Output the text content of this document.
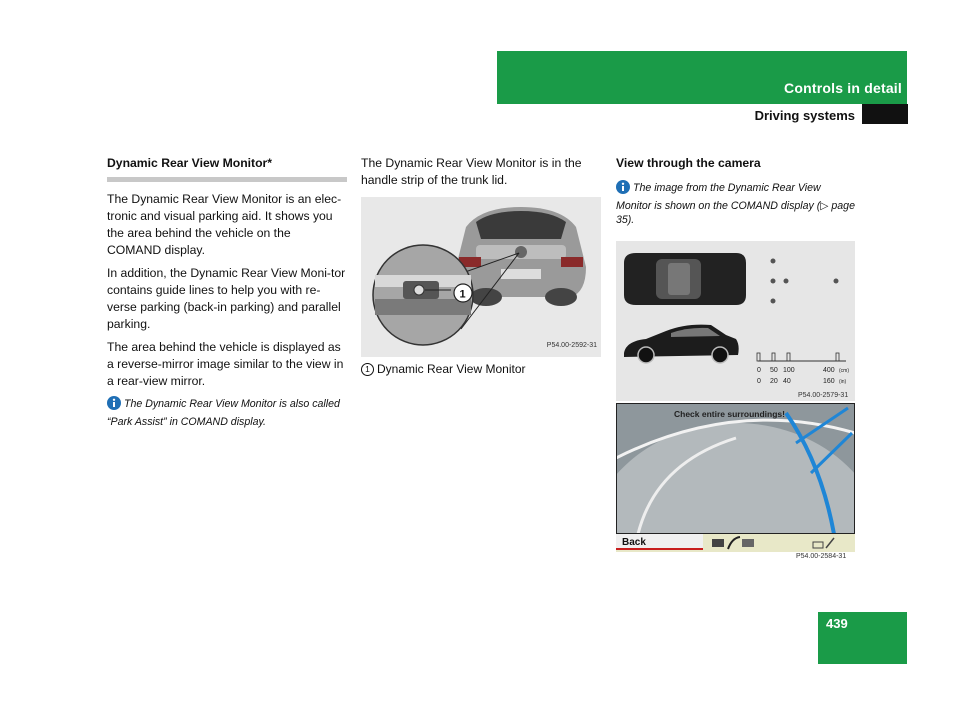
Controls in detail
Driving systems
Dynamic Rear View Monitor*

The Dynamic Rear View Monitor is an elec-tronic and visual parking aid. It shows you the area behind the vehicle on the COMAND display.

In addition, the Dynamic Rear View Moni-tor contains guide lines to help you with re-verse parking (back-in parking) and parallel parking.

The area behind the vehicle is displayed as a reverse-mirror image similar to the view in a rear-view mirror.

The Dynamic Rear View Monitor is also called “Park Assist” in COMAND display.

The Dynamic Rear View Monitor is in the handle strip of the trunk lid.

1
P54.00-2592-31
1 Dynamic Rear View Monitor
View through the camera
The image from the Dynamic Rear View Monitor is shown on the COMAND display (▷ page 35).
0 50 100	400 (cm)
0 20 40	160 (in)
P54.00-2579-31
Check entire surroundings!
Back
P54.00-2584-31
439
